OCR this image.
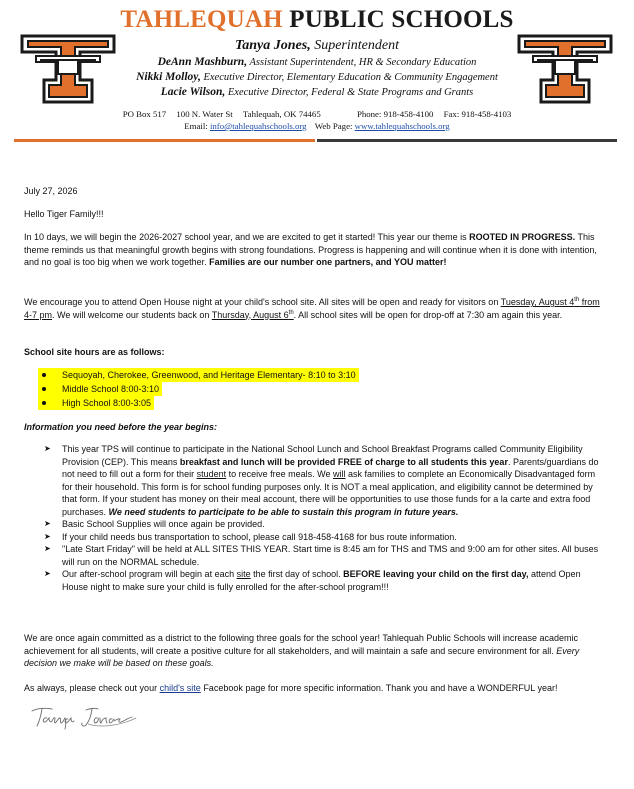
TAHLEQUAH PUBLIC SCHOOLS
Tanya Jones, Superintendent
DeAnn Mashburn, Assistant Superintendent, HR & Secondary Education
Nikki Molloy, Executive Director, Elementary Education & Community Engagement
Lacie Wilson, Executive Director, Federal & State Programs and Grants
PO Box 517 100 N. Water St Tahlequah, OK 74465	Phone: 918-458-4100 Fax: 918-458-4103
Email: info@tahlequahschools.org Web Page: www.tahlequahschools.org

July 27, 2026

Hello Tiger Family!!!

In 10 days, we will begin the 2026-2027 school year, and we are excited to get it started! This year our theme is ROOTED IN PROGRESS. This theme reminds us that meaningful growth begins with strong foundations. Progress is happening and will continue when it is done with intention, and no goal is too big when we work together. Families are our number one partners, and YOU matter!

We encourage you to attend Open House night at your child's school site. All sites will be open and ready for visitors on Tuesday, August 4th from 4-7 pm. We will welcome our students back on Thursday, August 6th. All school sites will be open for drop-off at 7:30 am again this year.

School site hours are as follows:

Sequoyah, Cherokee, Greenwood, and Heritage Elementary- 8:10 to 3:10
Middle School 8:00-3:10
High School 8:00-3:05

Information you need before the year begins:

➤ This year TPS will continue to participate in the National School Lunch and School Breakfast Programs called Community Eligibility Provision (CEP). This means breakfast and lunch will be provided FREE of charge to all students this year. Parents/guardians do not need to fill out a form for their student to receive free meals. We will ask families to complete an Economically Disadvantaged form for their household. This form is for school funding purposes only. It is NOT a meal application, and eligibility cannot be determined by that form. If your student has money on their meal account, there will be opportunities to use those funds for a la carte and extra food purchases. We need students to participate to be able to sustain this program in future years.
➤ Basic School Supplies will once again be provided.
➤ If your child needs bus transportation to school, please call 918-458-4168 for bus route information.
➤ "Late Start Friday" will be held at ALL SITES THIS YEAR. Start time is 8:45 am for THS and TMS and 9:00 am for other sites. All buses will run on the NORMAL schedule.
➤ Our after-school program will begin at each site the first day of school. BEFORE leaving your child on the first day, attend Open House night to make sure your child is fully enrolled for the after-school program!!!

We are once again committed as a district to the following three goals for the school year! Tahlequah Public Schools will increase academic achievement for all students, will create a positive culture for all stakeholders, and will maintain a safe and secure environment for all. Every decision we make will be based on these goals.

As always, please check out your child's site Facebook page for more specific information. Thank you and have a WONDERFUL year!
